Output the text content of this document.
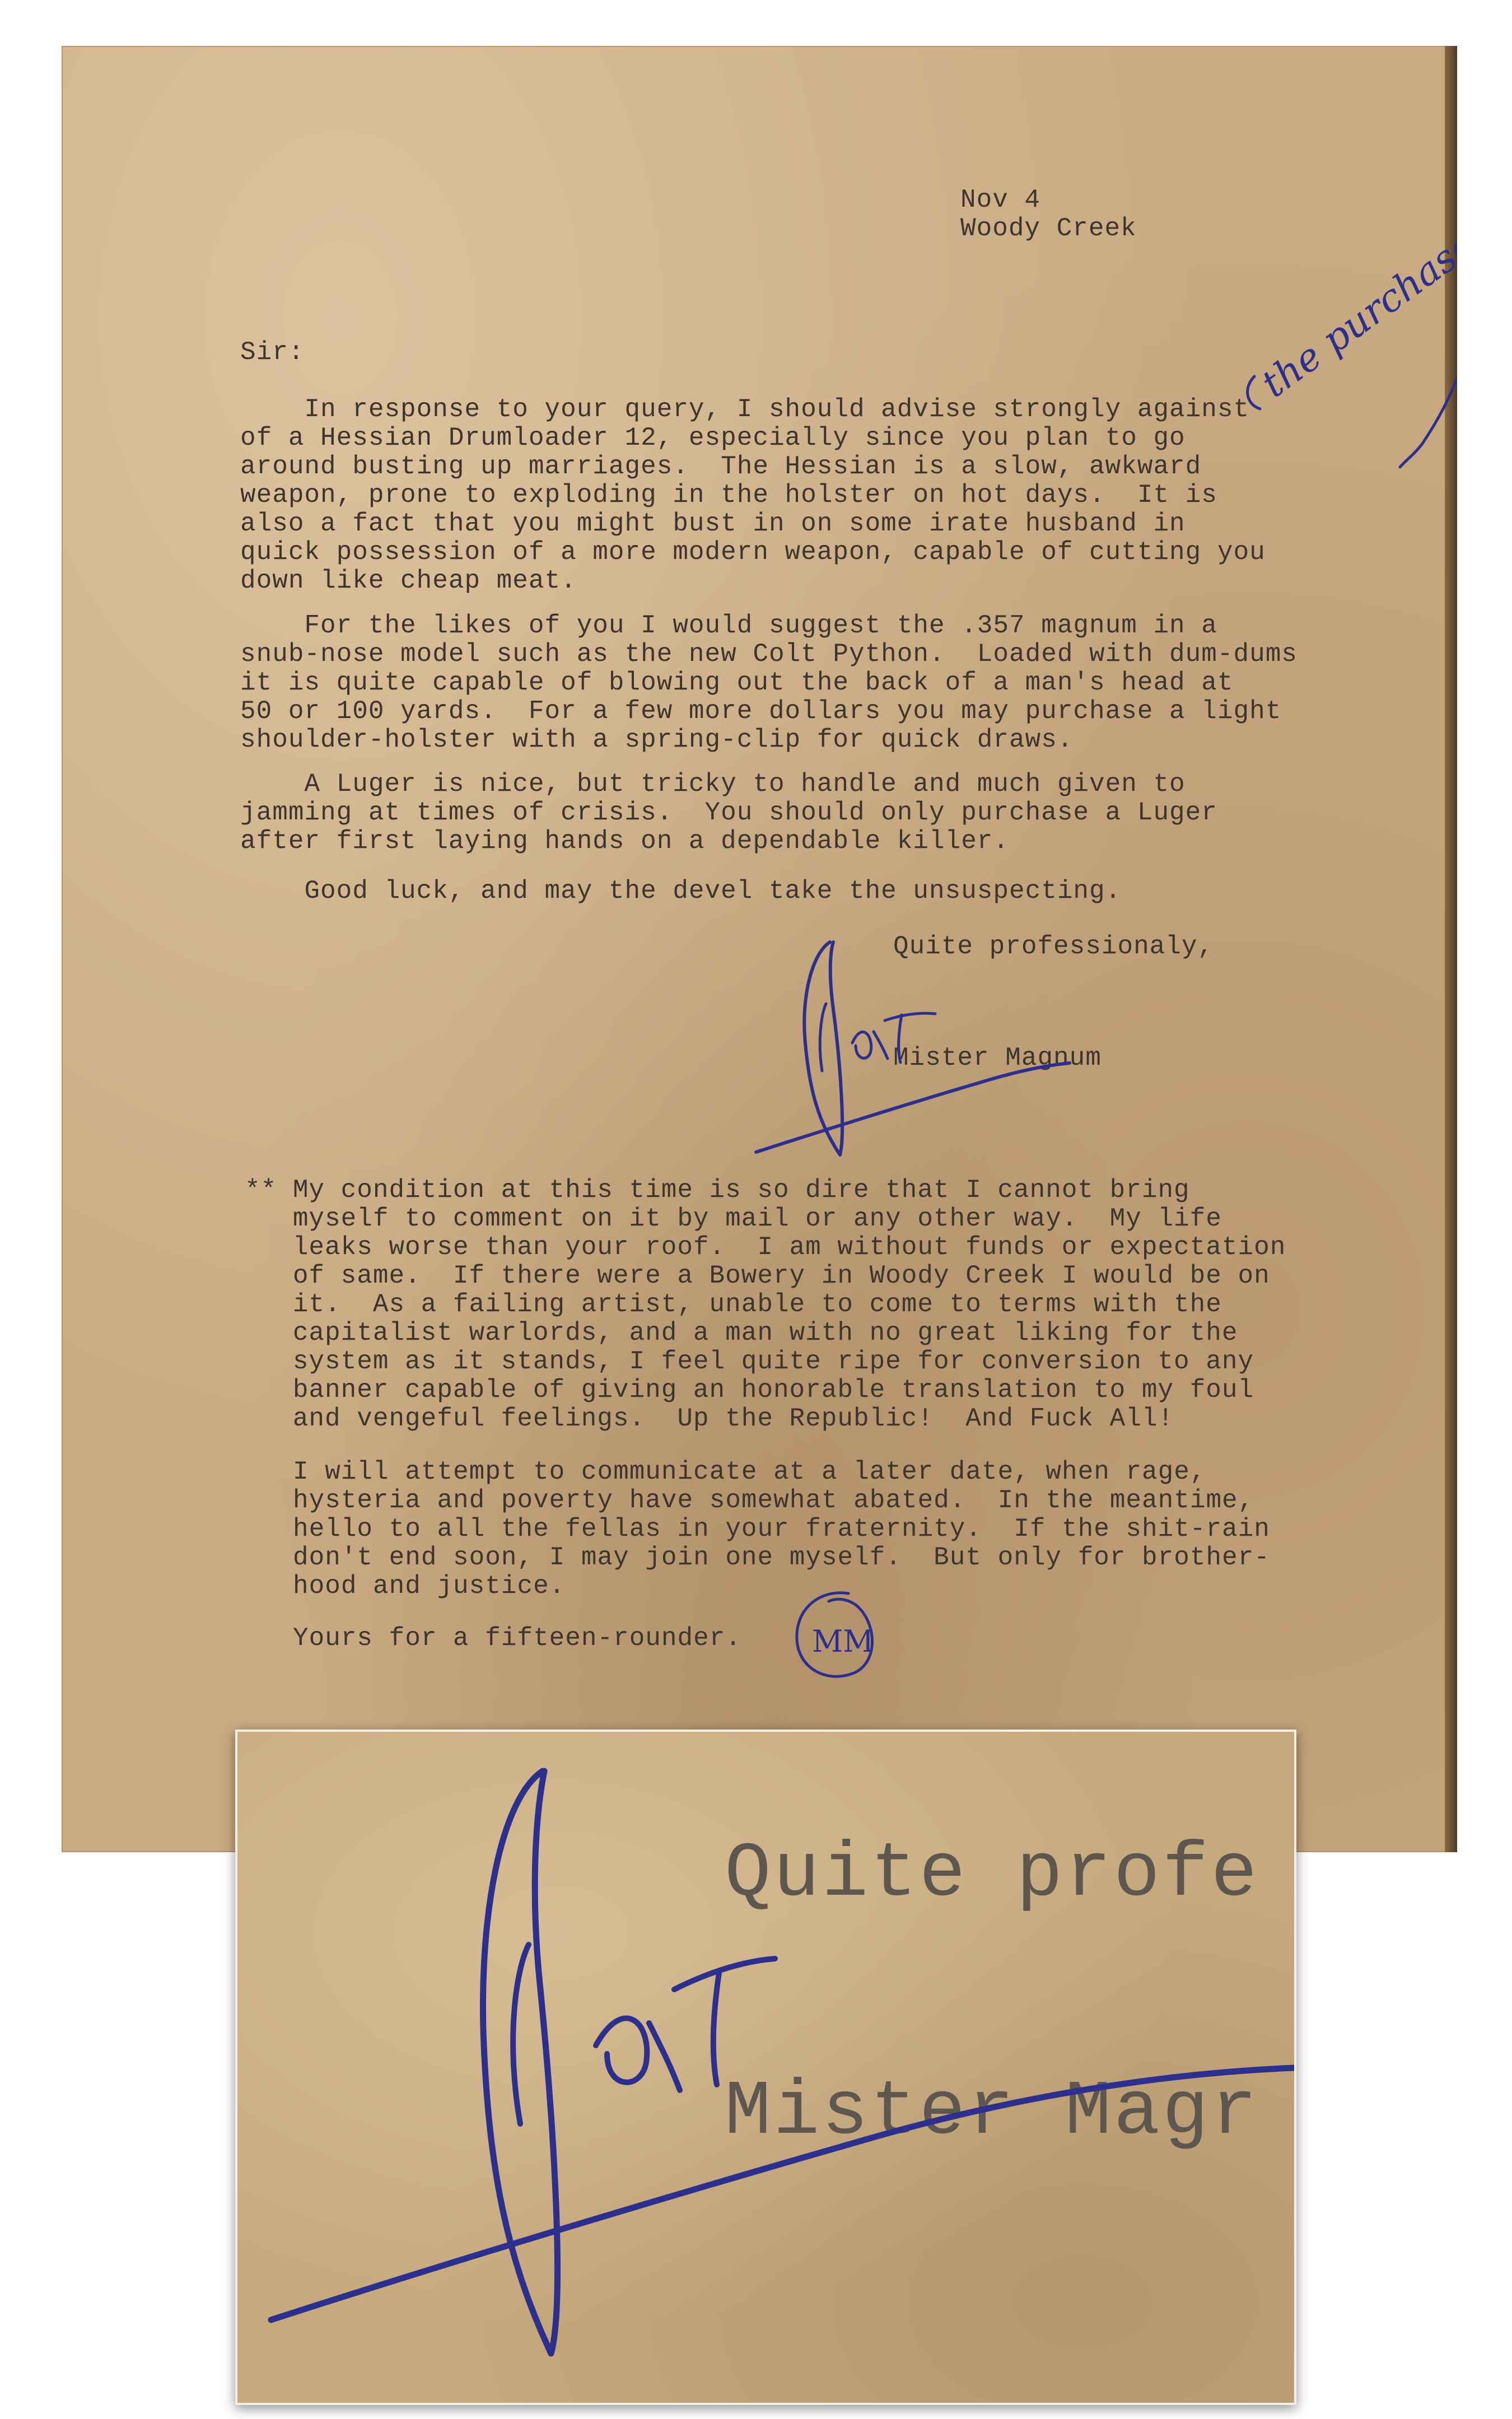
Nov 4
Woody Creek
Sir:	the purchaser
In response to your query, I should advise strongly against
of a Hessian Drumloader 12, especially since you plan to go
around busting up marriages.  The Hessian is a slow, awkward
weapon, prone to exploding in the holster on hot days.  It is
also a fact that you might bust in on some irate husband in
quick possession of a more modern weapon, capable of cutting you
down like cheap meat.
For the likes of you I would suggest the .357 magnum in a
snub-nose model such as the new Colt Python.  Loaded with dum-dums
it is quite capable of blowing out the back of a man's head at
50 or 100 yards.  For a few more dollars you may purchase a light
shoulder-holster with a spring-clip for quick draws.
A Luger is nice, but tricky to handle and much given to
jamming at times of crisis.  You should only purchase a Luger
after first laying hands on a dependable killer.
Good luck, and may the devel take the unsuspecting.
Quite professionaly,
Mister Magnum
** My condition at this time is so dire that I cannot bring
myself to comment on it by mail or any other way.  My life
leaks worse than your roof.  I am without funds or expectation
of same.  If there were a Bowery in Woody Creek I would be on
it.  As a failing artist, unable to come to terms with the
capitalist warlords, and a man with no great liking for the
system as it stands, I feel quite ripe for conversion to any
banner capable of giving an honorable translation to my foul
and vengeful feelings.  Up the Republic!  And Fuck All!
I will attempt to communicate at a later date, when rage,
hysteria and poverty have somewhat abated.  In the meantime,
hello to all the fellas in your fraternity.  If the shit-rain
don't end soon, I may join one myself.  But only for brother-
hood and justice.
Yours for a fifteen-rounder. MM
Quite profe
Mister Magr
